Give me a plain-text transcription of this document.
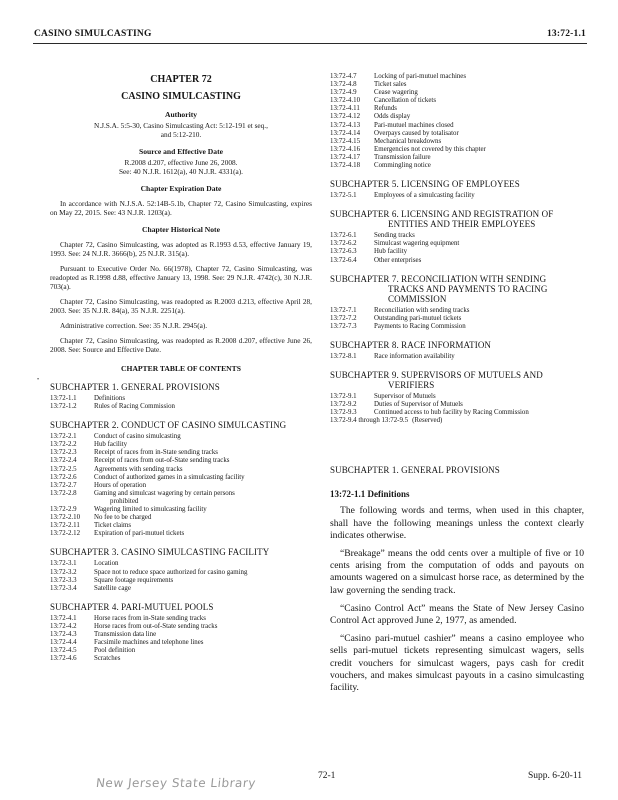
CASINO SIMULCASTING	13:72-1.1
•
CHAPTER 72
CASINO SIMULCASTING
Authority
N.J.S.A. 5:5-30, Casino Simulcasting Act: 5:12-191 et seq.,
and 5:12-210.
Source and Effective Date
R.2008 d.207, effective June 26, 2008.
See: 40 N.J.R. 1612(a), 40 N.J.R. 4331(a).
Chapter Expiration Date
In accordance with N.J.S.A. 52:14B-5.1b, Chapter 72, Casino Simulcasting, expires on May 22, 2015. See: 43 N.J.R. 1203(a).
Chapter Historical Note
Chapter 72, Casino Simulcasting, was adopted as R.1993 d.53, effective January 19, 1993. See: 24 N.J.R. 3666(b), 25 N.J.R. 315(a).
Pursuant to Executive Order No. 66(1978), Chapter 72, Casino Simulcasting, was readopted as R.1998 d.88, effective January 13, 1998. See: 29 N.J.R. 4742(c), 30 N.J.R. 703(a).
Chapter 72, Casino Simulcasting, was readopted as R.2003 d.213, effective April 28, 2003. See: 35 N.J.R. 84(a), 35 N.J.R. 2251(a).
Administrative correction. See: 35 N.J.R. 2945(a).
Chapter 72, Casino Simulcasting, was readopted as R.2008 d.207, effective June 26, 2008. See: Source and Effective Date.
CHAPTER TABLE OF CONTENTS
SUBCHAPTER 1. GENERAL PROVISIONS
13:72-1.1	Definitions
13:72-1.2	Rules of Racing Commission
SUBCHAPTER 2. CONDUCT OF CASINO SIMULCASTING
13:72-2.1	Conduct of casino simulcasting
13:72-2.2	Hub facility
13:72-2.3	Receipt of races from in-State sending tracks
13:72-2.4	Receipt of races from out-of-State sending tracks
13:72-2.5	Agreements with sending tracks
13:72-2.6	Conduct of authorized games in a simulcasting facility
13:72-2.7	Hours of operation
13:72-2.8	Gaming and simulcast wagering by certain persons
prohibited
13:72-2.9	Wagering limited to simulcasting facility
13:72-2.10	No fee to be charged
13:72-2.11	Ticket claims
13:72-2.12	Expiration of pari-mutuel tickets
SUBCHAPTER 3. CASINO SIMULCASTING FACILITY
13:72-3.1	Location
13:72-3.2	Space not to reduce space authorized for casino gaming
13:72-3.3	Square footage requirements
13:72-3.4	Satellite cage
SUBCHAPTER 4. PARI-MUTUEL POOLS
13:72-4.1	Horse races from in-State sending tracks
13:72-4.2	Horse races from out-of-State sending tracks
13:72-4.3	Transmission data line
13:72-4.4	Facsimile machines and telephone lines
13:72-4.5	Pool definition
13:72-4.6	Scratches
13:72-4.7	Locking of pari-mutuel machines
13:72-4.8	Ticket sales
13:72-4.9	Cease wagering
13:72-4.10	Cancellation of tickets
13:72-4.11	Refunds
13:72-4.12	Odds display
13:72-4.13	Pari-mutuel machines closed
13:72-4.14	Overpays caused by totalisator
13:72-4.15	Mechanical breakdowns
13:72-4.16	Emergencies not covered by this chapter
13:72-4.17	Transmission failure
13:72-4.18	Commingling notice
SUBCHAPTER 5. LICENSING OF EMPLOYEES
13:72-5.1	Employees of a simulcasting facility
SUBCHAPTER 6. LICENSING AND REGISTRATION OF
ENTITIES AND THEIR EMPLOYEES
13:72-6.1	Sending tracks
13:72-6.2	Simulcast wagering equipment
13:72-6.3	Hub facility
13:72-6.4	Other enterprises
SUBCHAPTER 7. RECONCILIATION WITH SENDING
TRACKS AND PAYMENTS TO RACING COMMISSION
13:72-7.1	Reconciliation with sending tracks
13:72-7.2	Outstanding pari-mutuel tickets
13:72-7.3	Payments to Racing Commission
SUBCHAPTER 8. RACE INFORMATION
13:72-8.1	Race information availability
SUBCHAPTER 9. SUPERVISORS OF MUTUELS AND
VERIFIERS
13:72-9.1	Supervisor of Mutuels
13:72-9.2	Duties of Supervisor of Mutuels
13:72-9.3	Continued access to hub facility by Racing Commission
13:72-9.4 through 13:72-9.5 (Reserved)
SUBCHAPTER 1. GENERAL PROVISIONS
13:72-1.1 Definitions
The following words and terms, when used in this chapter, shall have the following meanings unless the context clearly indicates otherwise.
“Breakage” means the odd cents over a multiple of five or 10 cents arising from the computation of odds and payouts on amounts wagered on a simulcast horse race, as determined by the law governing the sending track.
“Casino Control Act” means the State of New Jersey Casino Control Act approved June 2, 1977, as amended.
“Casino pari-mutuel cashier” means a casino employee who sells pari-mutuel tickets representing simulcast wagers, sells credit vouchers for simulcast wagers, pays cash for credit vouchers, and makes simulcast payouts in a casino simulcasting facility.
72-1	Supp. 6-20-11
New Jersey State Library
